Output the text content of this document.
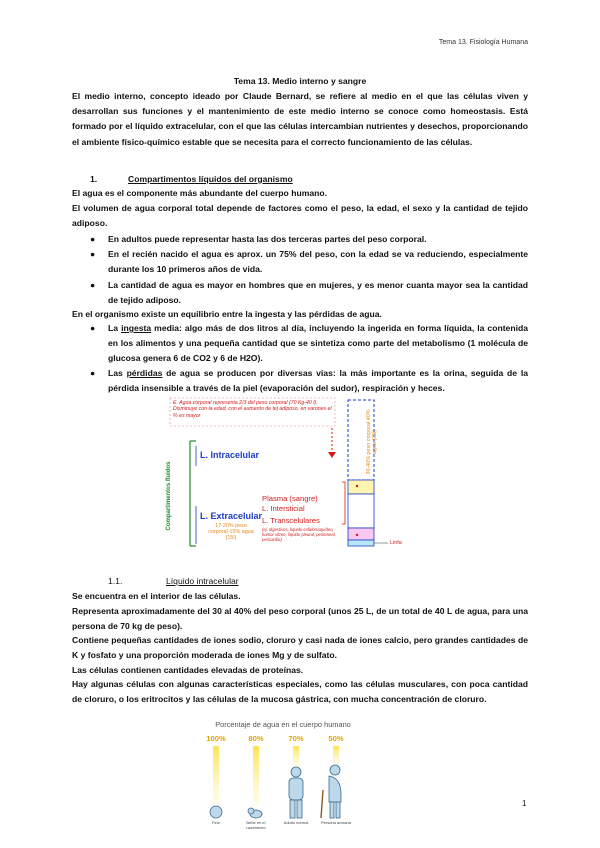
Tema 13. Fisiología Humana
Tema 13. Medio interno y sangre
El medio interno, concepto ideado por Claude Bernard, se refiere al medio en el que las células viven y desarrollan sus funciones y el mantenimiento de este medio interno se conoce como homeostasis. Está formado por el líquido extracelular, con el que las células intercambian nutrientes y desechos, proporcionando el ambiente físico-químico estable que se necesita para el correcto funcionamiento de las células.
1.	Compartimentos líquidos del organismo
El agua es el componente más abundante del cuerpo humano.
El volumen de agua corporal total depende de factores como el peso, la edad, el sexo y la cantidad de tejido adiposo.
● En adultos puede representar hasta las dos terceras partes del peso corporal.
● En el recién nacido el agua es aprox. un 75% del peso, con la edad se va reduciendo, especialmente durante los 10 primeros años de vida.
● La cantidad de agua es mayor en hombres que en mujeres, y es menor cuanta mayor sea la cantidad de tejido adiposo.
En el organismo existe un equilibrio entre la ingesta y las pérdidas de agua.
● La ingesta media: algo más de dos litros al día, incluyendo la ingerida en forma líquida, la contenida en los alimentos y una pequeña cantidad que se sintetiza como parte del metabolismo (1 molécula de glucosa genera 6 de CO2 y 6 de H2O).
● Las pérdidas de agua se producen por diversas vías: la más importante es la orina, seguida de la pérdida insensible a través de la piel (evaporación del sudor), respiración y heces.
E. Agua corporal representa 2/3 del peso corporal (70 Kg-40 l). Disminuye con la edad, con el aumento de tej adiposo, en varones el % es mayor
Compartimentos fluidos
L. Intracelular
L. Extracelular
17-20% peso corporal-15% agua (15l)
30-40% peso corporal 40% agua (25l)
Plasma (sangre)
L. Intersticial
L. Transcelulares
(ej. digestivos, líquido cefalorraquídeo, humor vítreo, líquido pleural, peritoneal, pericardio)
Linfa
1.1.	Líquido intracelular
Se encuentra en el interior de las células.
Representa aproximadamente del 30 al 40% del peso corporal (unos 25 L, de un total de 40 L de agua, para una persona de 70 kg de peso).
Contiene pequeñas cantidades de iones sodio, cloruro y casi nada de iones calcio, pero grandes cantidades de K y fosfato y una proporción moderada de iones Mg y de sulfato.
Las células contienen cantidades elevadas de proteínas.
Hay algunas células con algunas características especiales, como las células musculares, con poca cantidad de cloruro, o los eritrocitos y las células de la mucosa gástrica, con mucha concentración de cloruro.
Porcentaje de agua en el cuerpo humano
100%	80%	70%	50%
Feto	Bebe en el nacimiento
Adulto normal	Persona anciana
1
